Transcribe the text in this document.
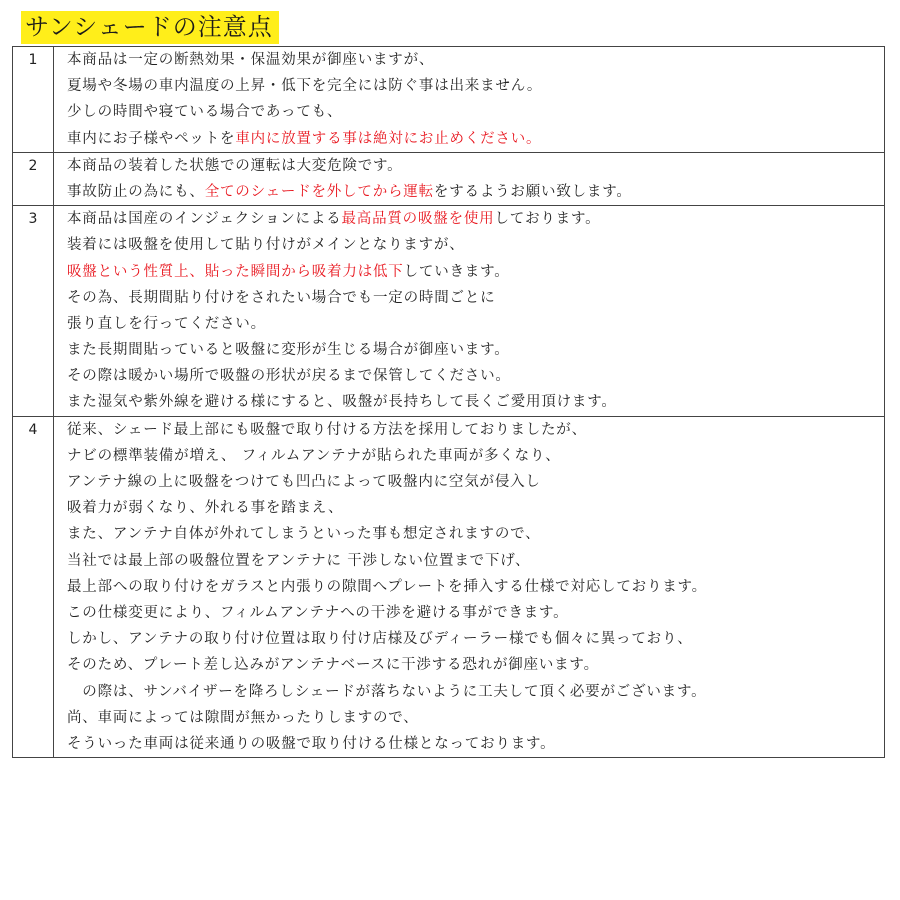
サンシェードの注意点
1	本商品は一定の断熱効果・保温効果が御座いますが、
夏場や冬場の車内温度の上昇・低下を完全には防ぐ事は出来ません。
少しの時間や寝ている場合であっても、
車内にお子様やペットを車内に放置する事は絶対にお止めください。

2	本商品の装着した状態での運転は大変危険です。
事故防止の為にも、全てのシェードを外してから運転をするようお願い致します。

3	本商品は国産のインジェクションによる最高品質の吸盤を使用しております。
装着には吸盤を使用して貼り付けがメインとなりますが、
吸盤という性質上、貼った瞬間から吸着力は低下していきます。
その為、長期間貼り付けをされたい場合でも一定の時間ごとに
張り直しを行ってください。
また長期間貼っていると吸盤に変形が生じる場合が御座います。
その際は暖かい場所で吸盤の形状が戻るまで保管してください。
また湿気や紫外線を避ける様にすると、吸盤が長持ちして長くご愛用頂けます。

4	従来、シェード最上部にも吸盤で取り付ける方法を採用しておりましたが、
ナビの標準装備が増え、 フィルムアンテナが貼られた車両が多くなり、
アンテナ線の上に吸盤をつけても凹凸によって吸盤内に空気が侵入し
吸着力が弱くなり、外れる事を踏まえ、
また、アンテナ自体が外れてしまうといった事も想定されますので、
当社では最上部の吸盤位置をアンテナに 干渉しない位置まで下げ、
最上部への取り付けをガラスと内張りの隙間へプレートを挿入する仕様で対応しております。
この仕様変更により、フィルムアンテナへの干渉を避ける事ができます。
しかし、アンテナの取り付け位置は取り付け店様及びディーラー様でも個々に異っており、
そのため、プレート差し込みがアンテナベースに干渉する恐れが御座います。
　の際は、サンバイザーを降ろしシェードが落ちないように工夫して頂く必要がございます。
尚、車両によっては隙間が無かったりしますので、
そういった車両は従来通りの吸盤で取り付ける仕様となっております。
